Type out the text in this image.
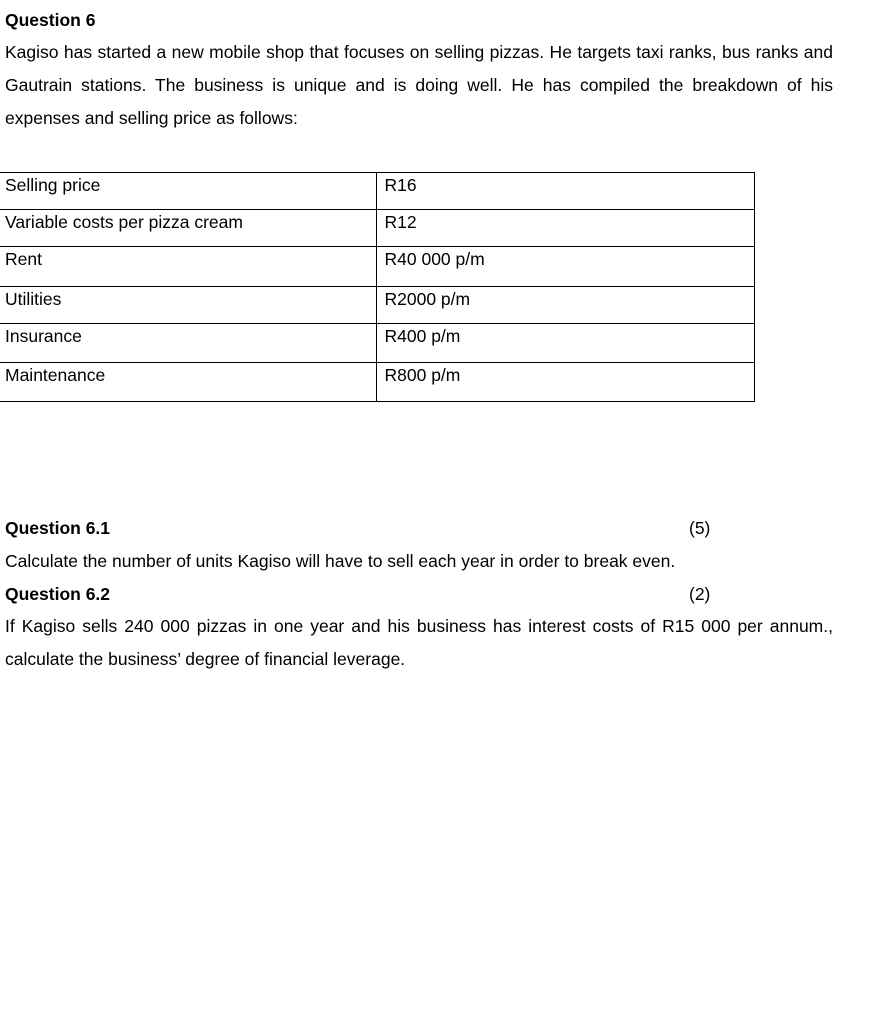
Question 6
Kagiso has started a new mobile shop that focuses on selling pizzas. He targets taxi ranks, bus ranks and Gautrain stations. The business is unique and is doing well. He has compiled the breakdown of his expenses and selling price as follows:
Selling price	R16
Variable costs per pizza cream	R12
Rent	R40 000 p/m
Utilities	R2000 p/m
Insurance	R400 p/m
Maintenance	R800 p/m
Question 6.1	(5)
Calculate the number of units Kagiso will have to sell each year in order to break even.
Question 6.2	(2)
If Kagiso sells 240 000 pizzas in one year and his business has interest costs of R15 000 per annum., calculate the business’ degree of financial leverage.
